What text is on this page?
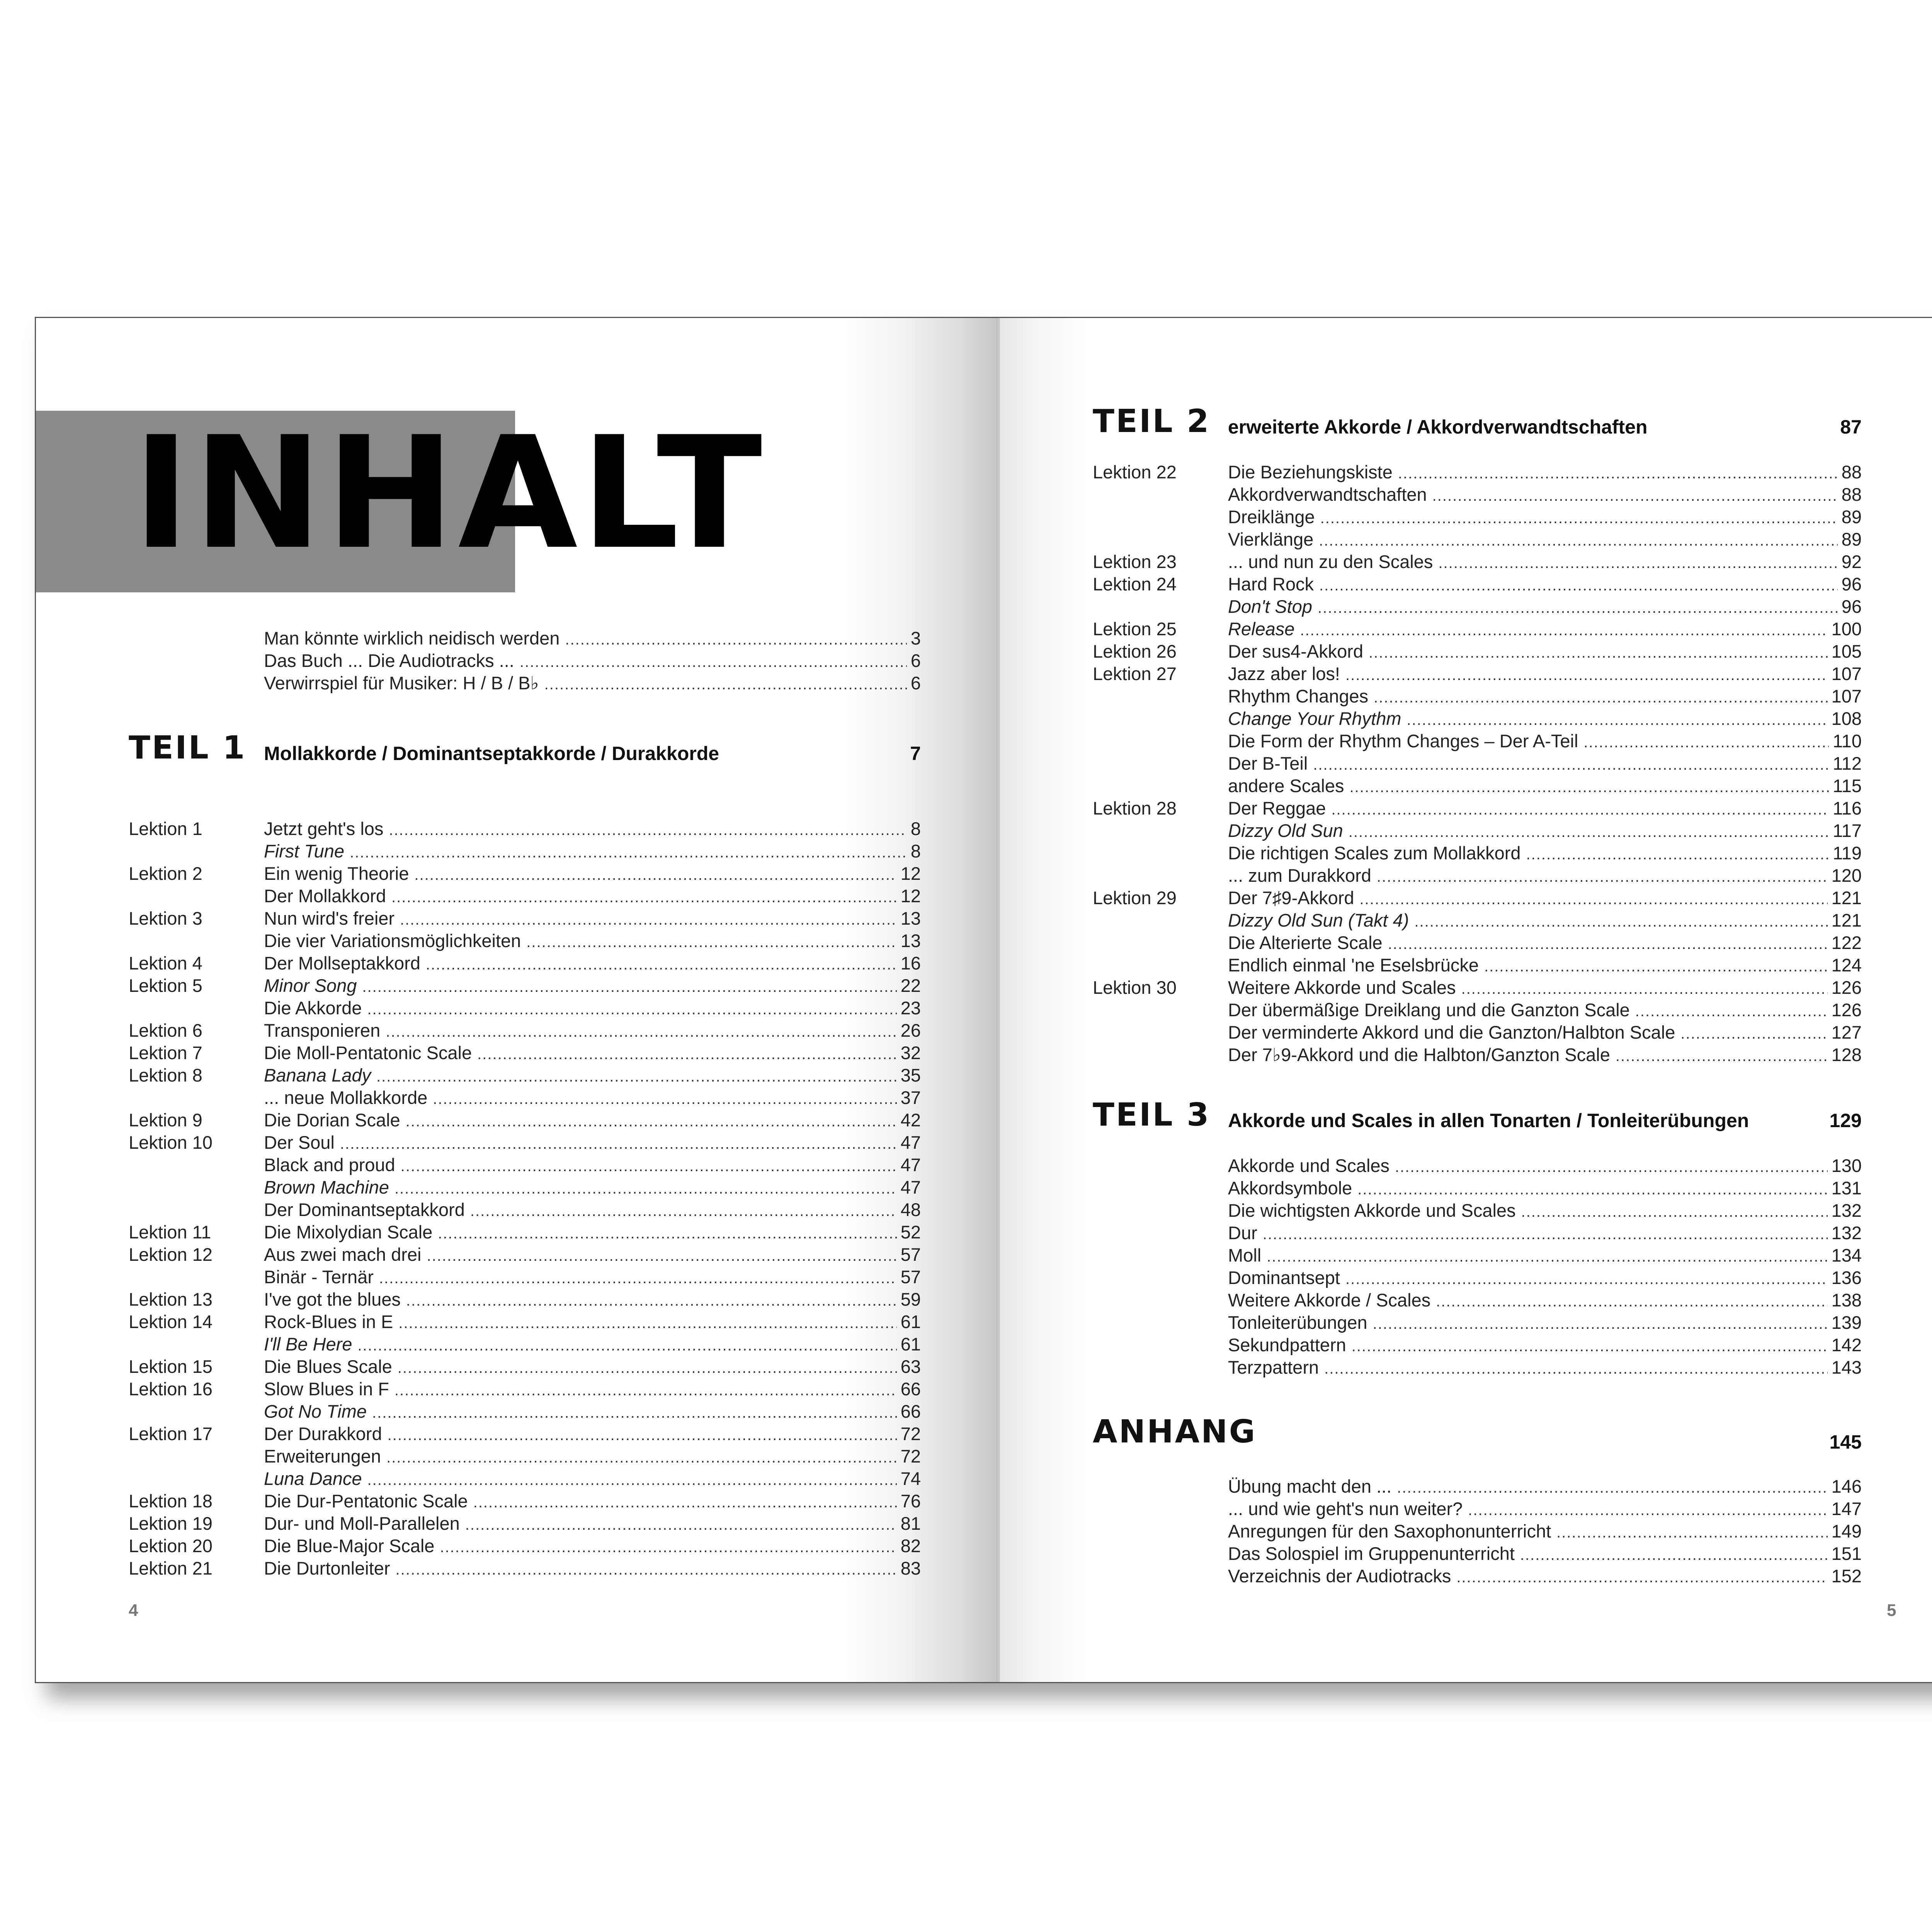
INHALT
Man könnte wirklich neidisch werden .....	3
Das Buch ... Die Audiotracks ... .....	6
Verwirrspiel für Musiker: H / B / B♭ .....	6
TEIL 1 Mollakkorde / Dominantseptakkorde / Durakkorde	7
Lektion 1	Jetzt geht's los .....	8
First Tune .....	8
Lektion 2	Ein wenig Theorie .....	12
Der Mollakkord .....	12
Lektion 3	Nun wird's freier .....	13
Die vier Variationsmöglichkeiten .....	13
Lektion 4	Der Mollseptakkord .....	16
Lektion 5	Minor Song .....	22
Die Akkorde .....	23
Lektion 6	Transponieren .....	26
Lektion 7	Die Moll-Pentatonic Scale .....	32
Lektion 8	Banana Lady .....	35
... neue Mollakkorde .....	37
Lektion 9	Die Dorian Scale .....	42
Lektion 10	Der Soul .....	47
Black and proud .....	47
Brown Machine .....	47
Der Dominantseptakkord .....	48
Lektion 11	Die Mixolydian Scale .....	52
Lektion 12	Aus zwei mach drei .....	57
Binär - Ternär .....	57
Lektion 13	I've got the blues .....	59
Lektion 14	Rock-Blues in E .....	61
I'll Be Here .....	61
Lektion 15	Die Blues Scale .....	63
Lektion 16	Slow Blues in F .....	66
Got No Time .....	66
Lektion 17	Der Durakkord .....	72
Erweiterungen .....	72
Luna Dance .....	74
Lektion 18	Die Dur-Pentatonic Scale .....	76
Lektion 19	Dur- und Moll-Parallelen .....	81
Lektion 20	Die Blue-Major Scale .....	82
Lektion 21	Die Durtonleiter .....	83
4
TEIL 2 erweiterte Akkorde / Akkordverwandtschaften	87
Lektion 22	Die Beziehungskiste .....	88
Akkordverwandtschaften .....	88
Dreiklänge .....	89
Vierklänge .....	89
Lektion 23	... und nun zu den Scales .....	92
Lektion 24	Hard Rock .....	96
Don't Stop .....	96
Lektion 25	Release .....	100
Lektion 26	Der sus4-Akkord .....	105
Lektion 27	Jazz aber los! .....	107
Rhythm Changes .....	107
Change Your Rhythm .....	108
Die Form der Rhythm Changes – Der A-Teil .....	110
Der B-Teil .....	112
andere Scales .....	115
Lektion 28	Der Reggae .....	116
Dizzy Old Sun .....	117
Die richtigen Scales zum Mollakkord .....	119
... zum Durakkord .....	120
Lektion 29	Der 7♯9-Akkord .....	121
Dizzy Old Sun (Takt 4) .....	121
Die Alterierte Scale .....	122
Endlich einmal 'ne Eselsbrücke .....	124
Lektion 30	Weitere Akkorde und Scales .....	126
Der übermäßige Dreiklang und die Ganzton Scale .....	126
Der verminderte Akkord und die Ganzton/Halbton Scale .....	127
Der 7♭9-Akkord und die Halbton/Ganzton Scale .....	128
TEIL 3 Akkorde und Scales in allen Tonarten / Tonleiterübungen	129
Akkorde und Scales .....	130
Akkordsymbole .....	131
Die wichtigsten Akkorde und Scales .....	132
Dur .....	132
Moll .....	134
Dominantsept .....	136
Weitere Akkorde / Scales .....	138
Tonleiterübungen .....	139
Sekundpattern .....	142
Terzpattern .....	143
ANHANG	145
Übung macht den ... .....	146
... und wie geht's nun weiter? .....	147
Anregungen für den Saxophonunterricht .....	149
Das Solospiel im Gruppenunterricht .....	151
Verzeichnis der Audiotracks .....	152
5
